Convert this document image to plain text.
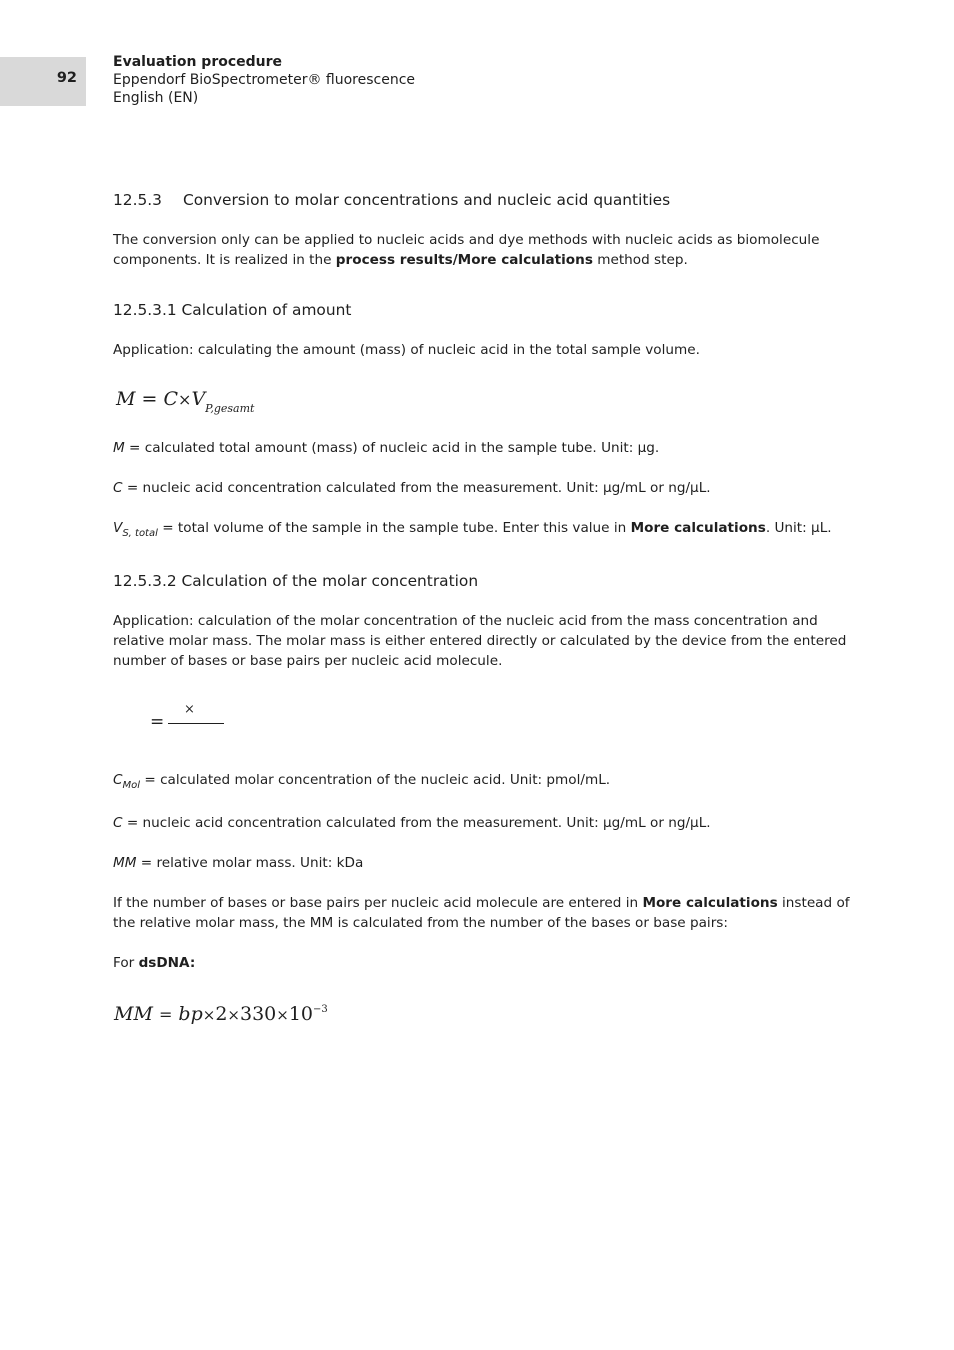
92
Evaluation procedure
Eppendorf BioSpectrometer® fluorescence
English (EN)
12.5.3 Conversion to molar concentrations and nucleic acid quantities
The conversion only can be applied to nucleic acids and dye methods with nucleic acids as biomolecule components. It is realized in the process results/More calculations method step.
12.5.3.1 Calculation of amount
Application: calculating the amount (mass) of nucleic acid in the total sample volume.
$M = C\times V_{P,gesamt}$
M = calculated total amount (mass) of nucleic acid in the sample tube. Unit: µg.
C = nucleic acid concentration calculated from the measurement. Unit: µg/mL or ng/µL.
$V_{S, total}$ = total volume of the sample in the sample tube. Enter this value in More calculations. Unit: µL.
12.5.3.2 Calculation of the molar concentration
Application: calculation of the molar concentration of the nucleic acid from the mass concentration and relative molar mass. The molar mass is either entered directly or calculated by the device from the entered number of bases or base pairs per nucleic acid molecule.
=
×
$C_{Mol}$ = calculated molar concentration of the nucleic acid. Unit: pmol/mL.
C = nucleic acid concentration calculated from the measurement. Unit: µg/mL or ng/µL.
MM = relative molar mass. Unit: kDa
If the number of bases or base pairs per nucleic acid molecule are entered in More calculations instead of the relative molar mass, the MM is calculated from the number of the bases or base pairs:
For dsDNA:
MM = $bp\times 2\times 330\times 10^{-3}$
